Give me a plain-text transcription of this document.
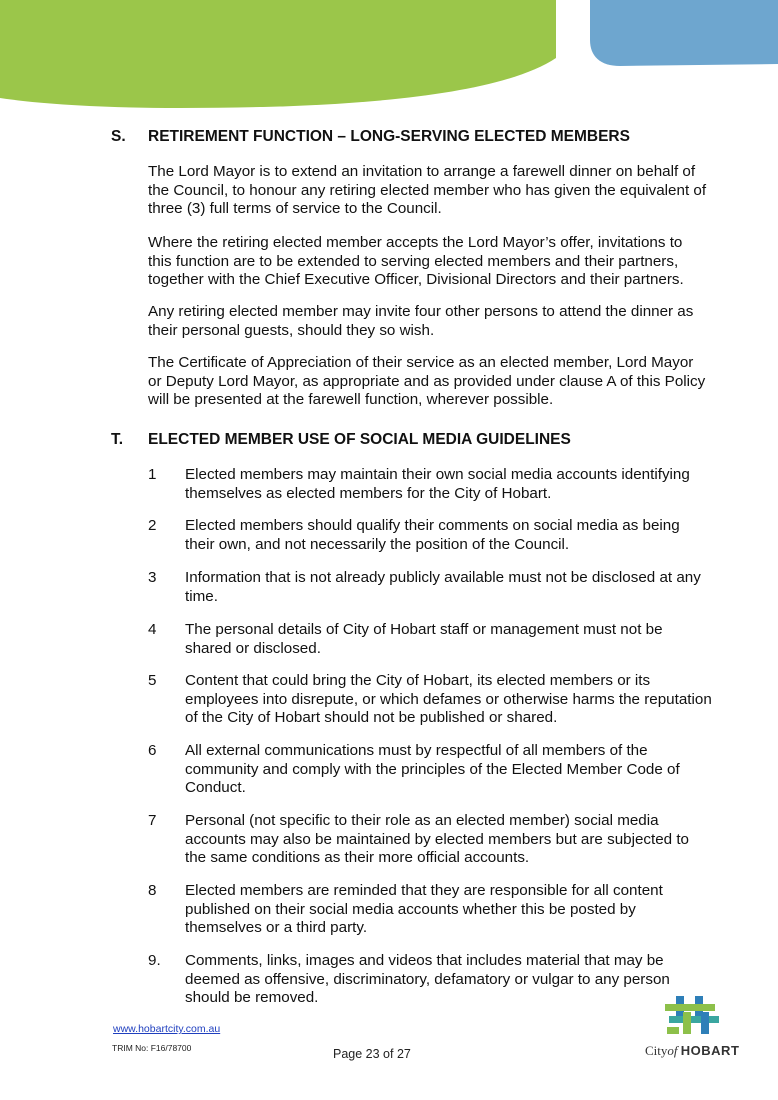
S.	RETIREMENT FUNCTION – LONG-SERVING ELECTED MEMBERS

The Lord Mayor is to extend an invitation to arrange a farewell dinner on behalf of the Council, to honour any retiring elected member who has given the equivalent of three (3) full terms of service to the Council.

Where the retiring elected member accepts the Lord Mayor’s offer, invitations to this function are to be extended to serving elected members and their partners, together with the Chief Executive Officer, Divisional Directors and their partners.

Any retiring elected member may invite four other persons to attend the dinner as their personal guests, should they so wish.

The Certificate of Appreciation of their service as an elected member, Lord Mayor or Deputy Lord Mayor, as appropriate and as provided under clause A of this Policy will be presented at the farewell function, wherever possible.

T.	ELECTED MEMBER USE OF SOCIAL MEDIA GUIDELINES
1	Elected members may maintain their own social media accounts identifying themselves as elected members for the City of Hobart.
2	Elected members should qualify their comments on social media as being their own, and not necessarily the position of the Council.
3	Information that is not already publicly available must not be disclosed at any time.
4	The personal details of City of Hobart staff or management must not be shared or disclosed.
5	Content that could bring the City of Hobart, its elected members or its employees into disrepute, or which defames or otherwise harms the reputation of the City of Hobart should not be published or shared.
6	All external communications must by respectful of all members of the community and comply with the principles of the Elected Member Code of Conduct.
7	Personal (not specific to their role as an elected member) social media accounts may also be maintained by elected members but are subjected to the same conditions as their more official accounts.
8	Elected members are reminded that they are responsible for all content published on their social media accounts whether this be posted by themselves or a third party.
9.	Comments, links, images and videos that includes material that may be deemed as offensive, discriminatory, defamatory or vulgar to any person should be removed.
www.hobartcity.com.au
TRIM No: F16/78700	Page 23 of 27	Cityof HOBART
